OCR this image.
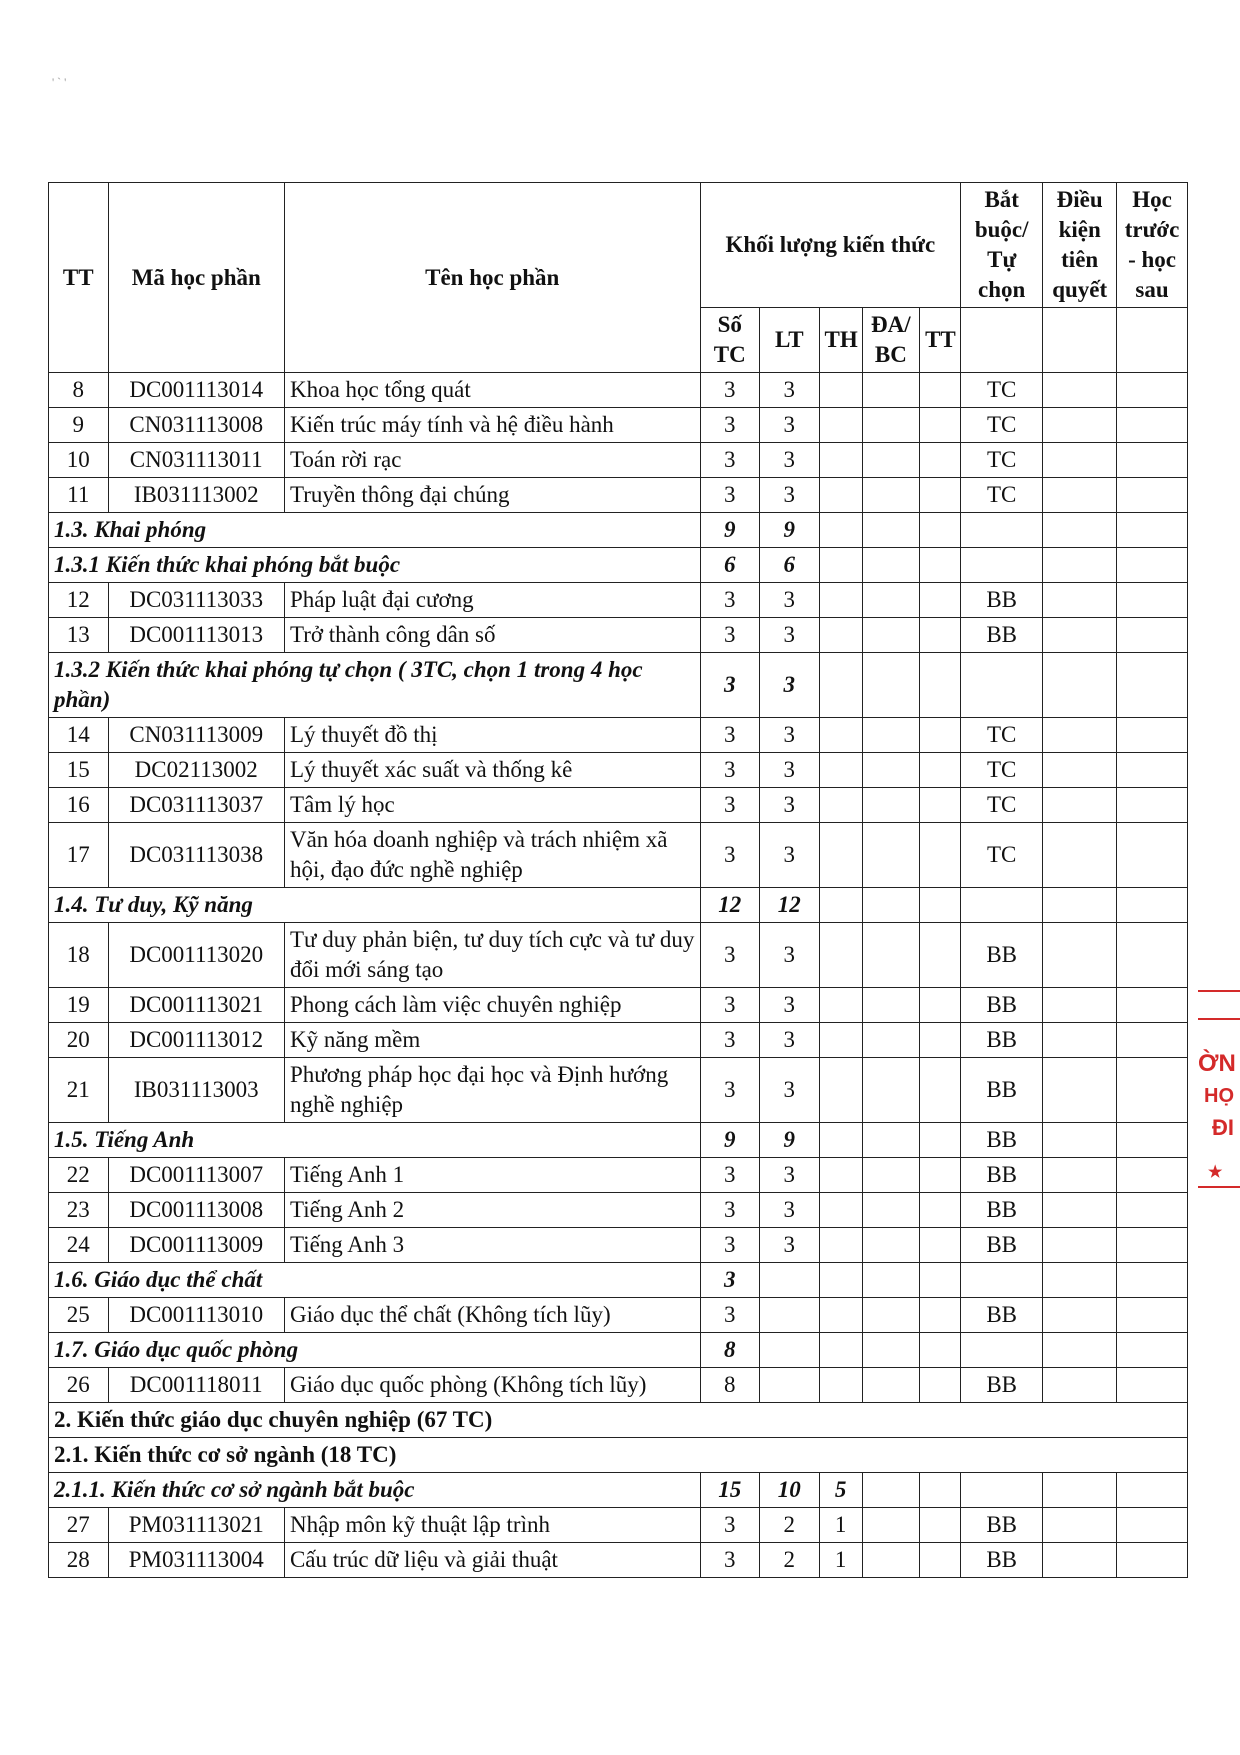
' ` '
TT	Mã học phần	Tên học phần	Khối lượng kiến thức					Bắt buộc/ Tự chọn	Điều kiện tiên quyết	Học trước - học sau
			Số TC	LT	TH	ĐA/ BC	TT			
8	DC001113014	Khoa học tổng quát	3	3				TC		
9	CN031113008	Kiến trúc máy tính và hệ điều hành	3	3				TC		
10	CN031113011	Toán rời rạc	3	3				TC		
11	IB031113002	Truyền thông đại chúng	3	3				TC		
1.3. Khai phóng			9	9						
1.3.1 Kiến thức khai phóng bắt buộc			6	6						
12	DC031113033	Pháp luật đại cương	3	3				BB		
13	DC001113013	Trở thành công dân số	3	3				BB		
1.3.2 Kiến thức khai phóng tự chọn ( 3TC, chọn 1 trong 4 học phần)			3	3						
14	CN031113009	Lý thuyết đồ thị	3	3				TC		
15	DC02113002	Lý thuyết xác suất và thống kê	3	3				TC		
16	DC031113037	Tâm lý học	3	3				TC		
17	DC031113038	Văn hóa doanh nghiệp và trách nhiệm xã hội, đạo đức nghề nghiệp	3	3				TC		
1.4. Tư duy, Kỹ năng			12	12						
18	DC001113020	Tư duy phản biện, tư duy tích cực và tư duy đổi mới sáng tạo	3	3				BB		
19	DC001113021	Phong cách làm việc chuyên nghiệp	3	3				BB		
20	DC001113012	Kỹ năng mềm	3	3				BB		
21	IB031113003	Phương pháp học đại học và Định hướng nghề nghiệp	3	3				BB		
1.5. Tiếng Anh			9	9				BB		
22	DC001113007	Tiếng Anh 1	3	3				BB		
23	DC001113008	Tiếng Anh 2	3	3				BB		
24	DC001113009	Tiếng Anh 3	3	3				BB		
1.6. Giáo dục thể chất			3							
25	DC001113010	Giáo dục thể chất (Không tích lũy)	3					BB		
1.7. Giáo dục quốc phòng			8							
26	DC001118011	Giáo dục quốc phòng (Không tích lũy)	8					BB		
2. Kiến thức giáo dục chuyên nghiệp (67 TC)										
2.1. Kiến thức cơ sở ngành (18 TC)										
2.1.1. Kiến thức cơ sở ngành bắt buộc			15	10	5					
27	PM031113021	Nhập môn kỹ thuật lập trình	3	2	1			BB		
28	PM031113004	Cấu trúc dữ liệu và giải thuật	3	2	1			BB		
ỜN
HỌ
ĐI
★
